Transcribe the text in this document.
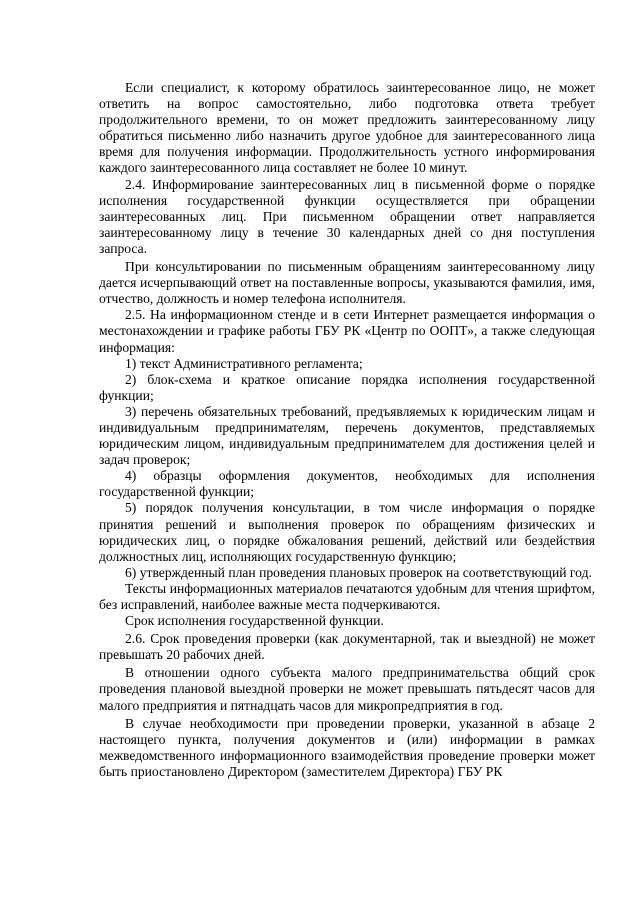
Если специалист, к которому обратилось заинтересованное лицо, не может ответить на вопрос самостоятельно, либо подготовка ответа требует продолжительного времени, то он может предложить заинтересованному лицу обратиться письменно либо назначить другое удобное для заинтересованного лица время для получения информации. Продолжительность устного информирования каждого заинтересованного лица составляет не более 10 минут.

2.4. Информирование заинтересованных лиц в письменной форме о порядке исполнения государственной функции осуществляется при обращении заинтересованных лиц. При письменном обращении ответ направляется заинтересованному лицу в течение 30 календарных дней со дня поступления запроса.

При консультировании по письменным обращениям заинтересованному лицу дается исчерпывающий ответ на поставленные вопросы, указываются фамилия, имя, отчество, должность и номер телефона исполнителя.

2.5. На информационном стенде и в сети Интернет размещается информация о местонахождении и графике работы ГБУ РК «Центр по ООПТ», а также следующая информация:

1) текст Административного регламента;

2) блок-схема и краткое описание порядка исполнения государственной функции;

3) перечень обязательных требований, предъявляемых к юридическим лицам и индивидуальным предпринимателям, перечень документов, представляемых юридическим лицом, индивидуальным предпринимателем для достижения целей и задач проверок;

4) образцы оформления документов, необходимых для исполнения государственной функции;

5) порядок получения консультации, в том числе информация о порядке принятия решений и выполнения проверок по обращениям физических и юридических лиц, о порядке обжалования решений, действий или бездействия должностных лиц, исполняющих государственную функцию;

6) утвержденный план проведения плановых проверок на соответствующий год.

Тексты информационных материалов печатаются удобным для чтения шрифтом, без исправлений, наиболее важные места подчеркиваются.

Срок исполнения государственной функции.

2.6. Срок проведения проверки (как документарной, так и выездной) не может превышать 20 рабочих дней.

В отношении одного субъекта малого предпринимательства общий срок проведения плановой выездной проверки не может превышать пятьдесят часов для малого предприятия и пятнадцать часов для микропредприятия в год.

В случае необходимости при проведении проверки, указанной в абзаце 2 настоящего пункта, получения документов и (или) информации в рамках межведомственного информационного взаимодействия проведение проверки может быть приостановлено Директором (заместителем Директора) ГБУ РК
